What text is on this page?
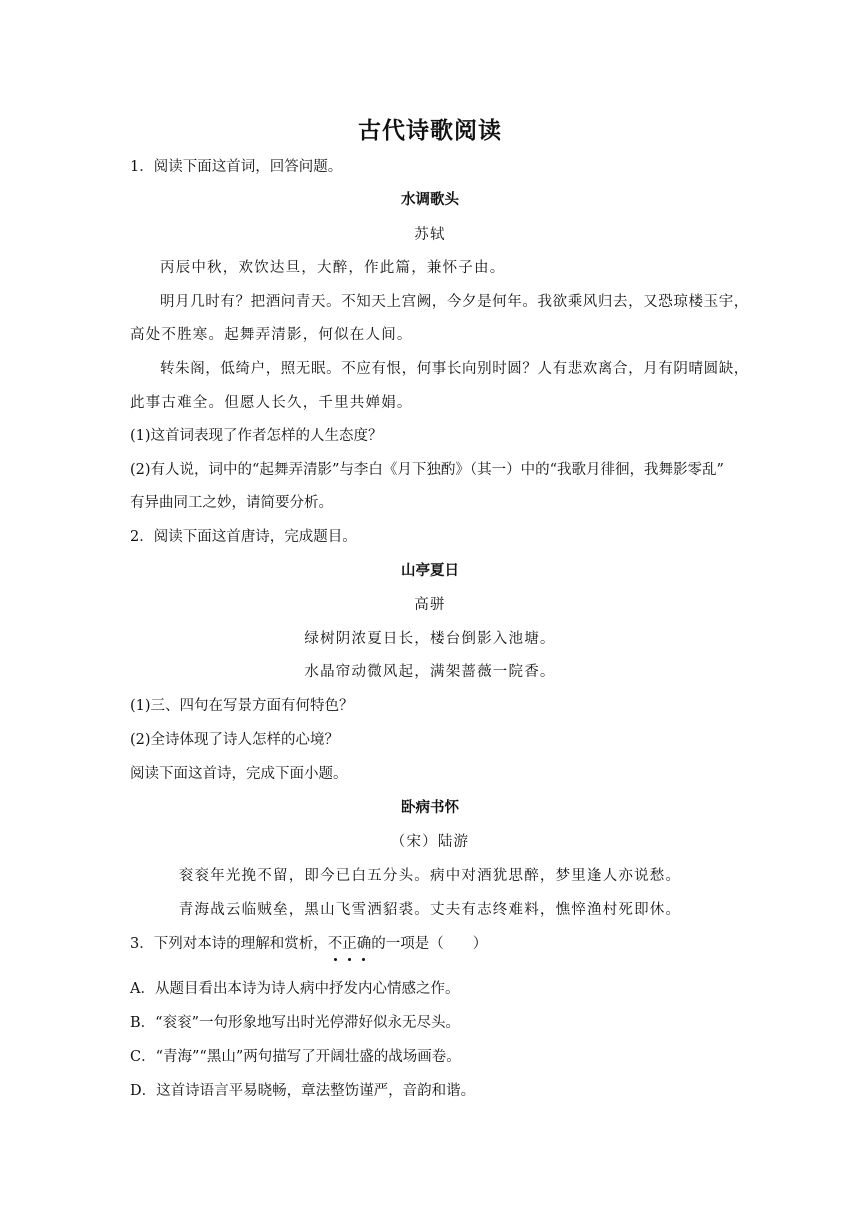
古代诗歌阅读
1．阅读下面这首词，回答问题。
水调歌头
苏轼
丙辰中秋，欢饮达旦，大醉，作此篇，兼怀子由。
明月几时有？把酒问青天。不知天上宫阙，今夕是何年。我欲乘风归去，又恐琼楼玉宇，
高处不胜寒。起舞弄清影，何似在人间。
转朱阁，低绮户，照无眠。不应有恨，何事长向别时圆？人有悲欢离合，月有阴晴圆缺，
此事古难全。但愿人长久，千里共婵娟。
(1)这首词表现了作者怎样的人生态度？
(2)有人说，词中的“起舞弄清影”与李白《月下独酌》（其一）中的“我歌月徘徊，我舞影零乱”
有异曲同工之妙，请简要分析。
2．阅读下面这首唐诗，完成题目。
山亭夏日
高骈
绿树阴浓夏日长，楼台倒影入池塘。
水晶帘动微风起，满架蔷薇一院香。
(1)三、四句在写景方面有何特色？
(2)全诗体现了诗人怎样的心境？
阅读下面这首诗，完成下面小题。
卧病书怀
（宋）陆游
衮衮年光挽不留，即今已白五分头。病中对酒犹思醉，梦里逢人亦说愁。
青海战云临贼垒，黑山飞雪洒貂裘。丈夫有志终难料，憔悴渔村死即休。
3．下列对本诗的理解和赏析，不正确
的一项是（　　）
A．从题目看出本诗为诗人病中抒发内心情感之作。
B．“衮衮”一句形象地写出时光停滞好似永无尽头。
C．“青海”“黑山”两句描写了开阔壮盛的战场画卷。
D．这首诗语言平易晓畅，章法整饬谨严，音韵和谐。
